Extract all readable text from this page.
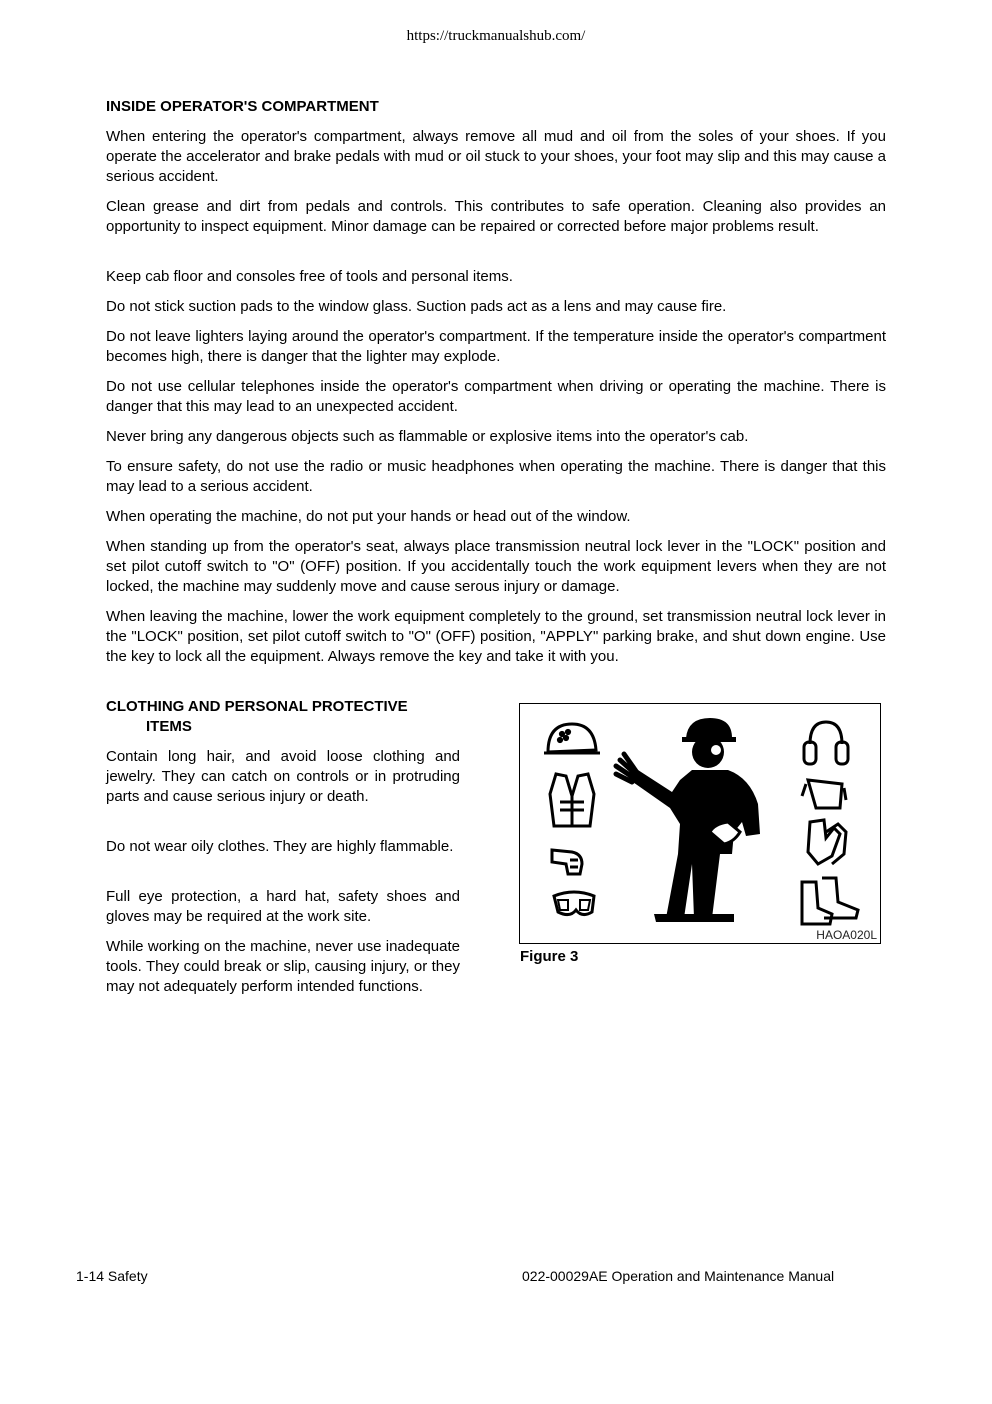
https://truckmanualshub.com/
INSIDE OPERATOR'S COMPARTMENT

When entering the operator's compartment, always remove all mud and oil from the soles of your shoes. If you operate the accelerator and brake pedals with mud or oil stuck to your shoes, your foot may slip and this may cause a serious accident.

Clean grease and dirt from pedals and controls. This contributes to safe operation. Cleaning also provides an opportunity to inspect equipment. Minor damage can be repaired or corrected before major problems result.

Keep cab floor and consoles free of tools and personal items.

Do not stick suction pads to the window glass. Suction pads act as a lens and may cause fire.

Do not leave lighters laying around the operator's compartment. If the temperature inside the operator's compartment becomes high, there is danger that the lighter may explode.

Do not use cellular telephones inside the operator's compartment when driving or operating the machine. There is danger that this may lead to an unexpected accident.

Never bring any dangerous objects such as flammable or explosive items into the operator's cab.

To ensure safety, do not use the radio or music headphones when operating the machine. There is danger that this may lead to a serious accident.

When operating the machine, do not put your hands or head out of the window.

When standing up from the operator's seat, always place transmission neutral lock lever in the "LOCK" position and set pilot cutoff switch to "O" (OFF) position. If you accidentally touch the work equipment levers when they are not locked, the machine may suddenly move and cause serous injury or damage.

When leaving the machine, lower the work equipment completely to the ground, set transmission neutral lock lever in the "LOCK" position, set pilot cutoff switch to "O" (OFF) position, "APPLY" parking brake, and shut down engine. Use the key to lock all the equipment. Always remove the key and take it with you.

CLOTHING AND PERSONAL PROTECTIVE
ITEMS

Contain long hair, and avoid loose clothing and jewelry. They can catch on controls or in protruding parts and cause serious injury or death.

Do not wear oily clothes. They are highly flammable.

Full eye protection, a hard hat, safety shoes and gloves may be required at the work site.

While working on the machine, never use inadequate tools. They could break or slip, causing injury, or they may not adequately perform intended functions.

HAOA020L
Figure 3
1-14 Safety	022-00029AE Operation and Maintenance Manual
